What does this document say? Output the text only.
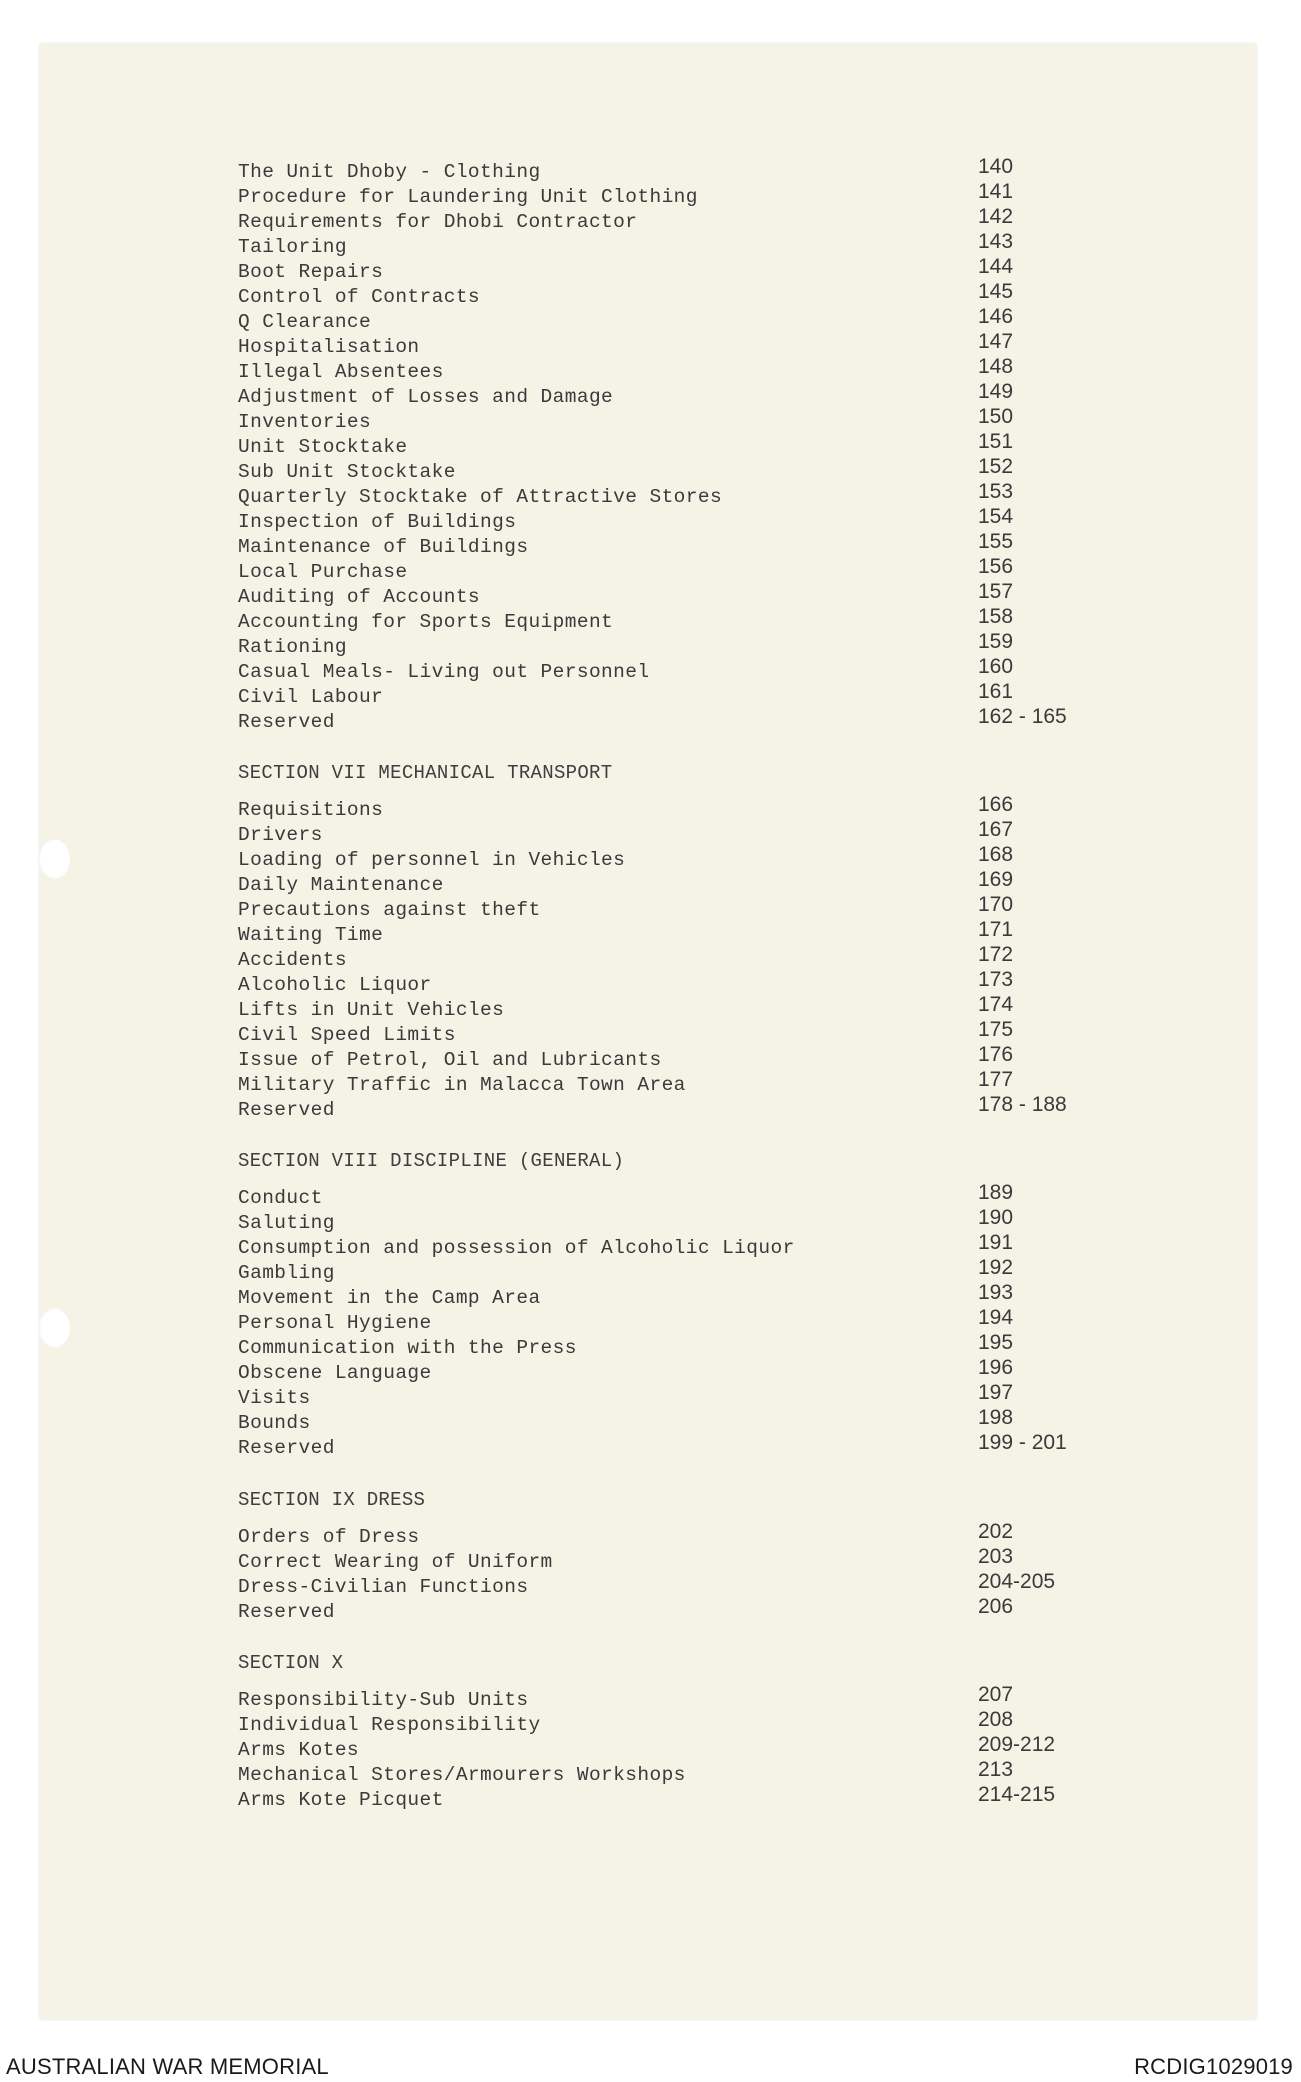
The Unit Dhoby - Clothing	140
Procedure for Laundering Unit Clothing	141
Requirements for Dhobi Contractor	142
Tailoring	143
Boot Repairs	144
Control of Contracts	145
Q Clearance	146
Hospitalisation	147
Illegal Absentees	148
Adjustment of Losses and Damage	149
Inventories	150
Unit Stocktake	151
Sub Unit Stocktake	152
Quarterly Stocktake of Attractive Stores	153
Inspection of Buildings	154
Maintenance of Buildings	155
Local Purchase	156
Auditing of Accounts	157
Accounting for Sports Equipment	158
Rationing	159
Casual Meals- Living out Personnel	160
Civil Labour	161
Reserved	162 - 165
SECTION VII MECHANICAL TRANSPORT
Requisitions	166
Drivers	167
Loading of personnel in Vehicles	168
Daily Maintenance	169
Precautions against theft	170
Waiting Time	171
Accidents	172
Alcoholic Liquor	173
Lifts in Unit Vehicles	174
Civil Speed Limits	175
Issue of Petrol, Oil and Lubricants	176
Military Traffic in Malacca Town Area	177
Reserved	178 - 188
SECTION VIII DISCIPLINE (GENERAL)
Conduct	189
Saluting	190
Consumption and possession of Alcoholic Liquor	191
Gambling	192
Movement in the Camp Area	193
Personal Hygiene	194
Communication with the Press	195
Obscene Language	196
Visits	197
Bounds	198
Reserved	199 - 201
SECTION IX DRESS
Orders of Dress	202
Correct Wearing of Uniform	203
Dress-Civilian Functions	204-205
Reserved	206
SECTION X
Responsibility-Sub Units	207
Individual Responsibility	208
Arms Kotes	209-212
Mechanical Stores/Armourers Workshops	213
Arms Kote Picquet	214-215
AUSTRALIAN WAR MEMORIAL	RCDIG1029019
